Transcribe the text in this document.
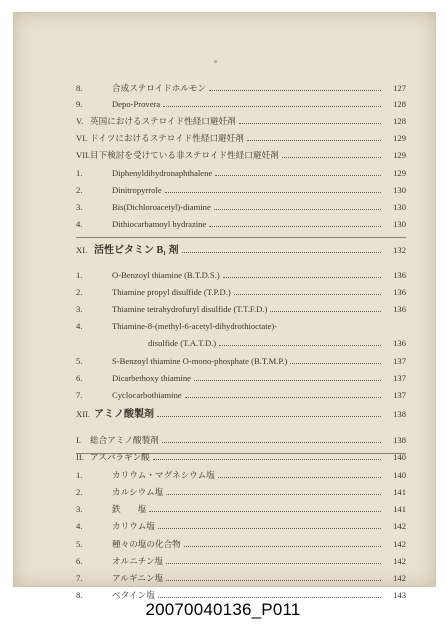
8.	合成ステロイドホルモン	127
9.	Depo-Provera	128
V. 英国におけるステロイド性経口避妊剤	128
VI. ドイツにおけるステロイド性経口避妊剤	129
VII. 目下検討を受けている非ステロイド性経口避妊剤	129
1.	Diphenyldihydronaphthalene	129
2.	Dinitropyrrole	130
3.	Bis(Dichloroacetyl)-diamine	130
4.	Dithiocarbamoyl hydrazine	130
XI. 活性ビタミン B₁ 剤	132
1.	O-Benzoyl thiamine (B.T.D.S.)	136
2.	Thiamine propyl disulfide (T.P.D.)	136
3.	Thiamine tetrahydrofuryl disulfide (T.T.F.D.)	136
4.	Thiamine-8-(methyl-6-acetyl-dihydrothioctate)-
disulfide (T.A.T.D.)	136
5.	S-Benzoyl thiamine O-mono-phosphate (B.T.M.P.)	137
6.	Dicarbethoxy thiamine	137
7.	Cyclocarbothiamine	137
XII. アミノ酸製剤	138
I.	総合アミノ酸製剤	138
II. アスパラギン酸	140
1.	カリウム・マグネシウム塩	140
2.	カルシウム塩	141
3.	鉄　　塩	141
4.	カリウム塩	142
5.	種々の塩の化合物	142
6.	オルニチン塩	142
7.	アルギニン塩	142
8.	ベタイン塩	143
20070040136_P011
